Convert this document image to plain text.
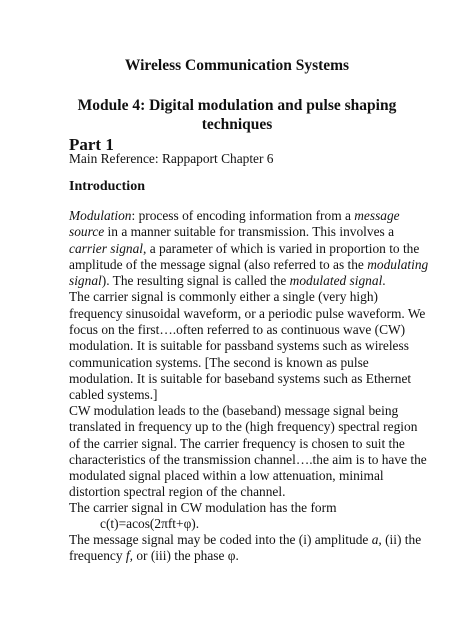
Wireless Communication Systems
Module 4: Digital modulation and pulse shaping
techniques
Part 1
Main Reference: Rappaport Chapter 6
Introduction
Modulation: process of encoding information from a message
source in a manner suitable for transmission. This involves a
carrier signal, a parameter of which is varied in proportion to the
amplitude of the message signal (also referred to as the modulating
signal). The resulting signal is called the modulated signal.
The carrier signal is commonly either a single (very high)
frequency sinusoidal waveform, or a periodic pulse waveform. We
focus on the first….often referred to as continuous wave (CW)
modulation. It is suitable for passband systems such as wireless
communication systems. [The second is known as pulse
modulation. It is suitable for baseband systems such as Ethernet
cabled systems.]
CW modulation leads to the (baseband) message signal being
translated in frequency up to the (high frequency) spectral region
of the carrier signal. The carrier frequency is chosen to suit the
characteristics of the transmission channel….the aim is to have the
modulated signal placed within a low attenuation, minimal
distortion spectral region of the channel.
The carrier signal in CW modulation has the form
c(t)=acos(2πft+φ).
The message signal may be coded into the (i) amplitude a, (ii) the
frequency f, or (iii) the phase φ.
